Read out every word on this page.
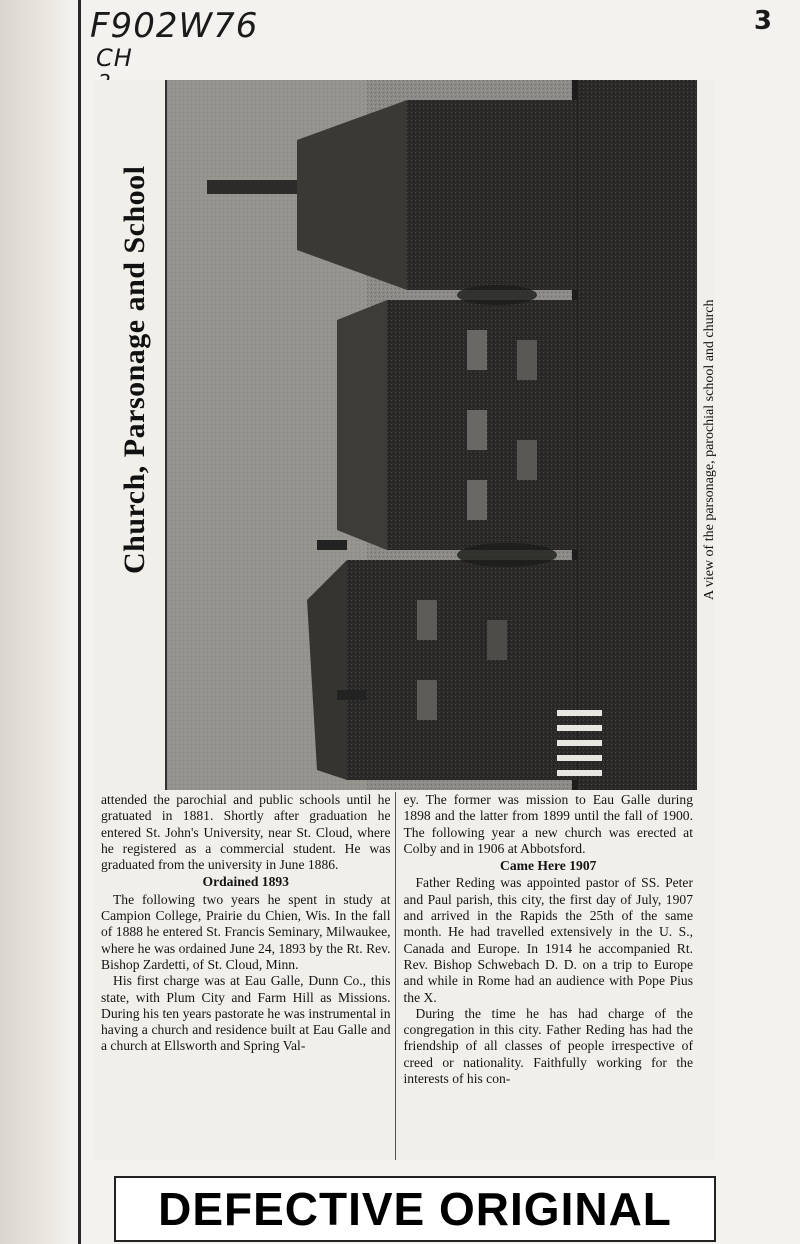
F902W76
CH
3
Church, Parsonage and School	A view of the parsonage, parochial school and church

attended the parochial and public schools until he gratuated in 1881. Shortly after graduation he entered St. John's University, near St. Cloud, where he registered as a commercial student. He was graduated from the university in June 1886.

Ordained 1893

The following two years he spent in study at Campion College, Prairie du Chien, Wis. In the fall of 1888 he entered St. Francis Seminary, Milwaukee, where he was ordained June 24, 1893 by the Rt. Rev. Bishop Zardetti, of St. Cloud, Minn.

His first charge was at Eau Galle, Dunn Co., this state, with Plum City and Farm Hill as Missions. During his ten years pastorate he was instrumental in having a church and residence built at Eau Galle and a church at Ellsworth and Spring Val-

ey. The former was mission to Eau Galle during 1898 and the latter from 1899 until the fall of 1900. The following year a new church was erected at Colby and in 1906 at Abbotsford.

Came Here 1907

Father Reding was appointed pastor of SS. Peter and Paul parish, this city, the first day of July, 1907 and arrived in the Rapids the 25th of the same month. He had travelled extensively in the U. S., Canada and Europe. In 1914 he accompanied Rt. Rev. Bishop Schwebach D. D. on a trip to Europe and while in Rome had an audience with Pope Pius the X.

During the time he has had charge of the congregation in this city. Father Reding has had the friendship of all classes of people irrespective of creed or nationality. Faithfully working for the interests of his con-

DEFECTIVE ORIGINAL
